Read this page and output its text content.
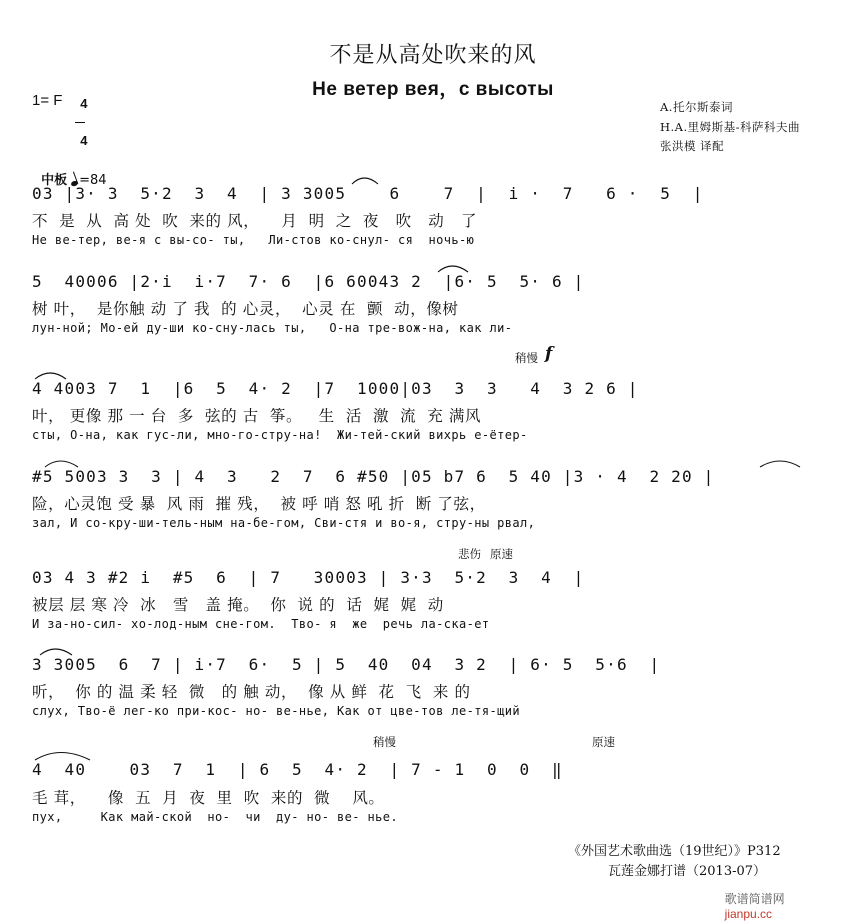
不是从高处吹来的风
Не ветер вея，с высоты
1= F	4

4

A.托尔斯泰词
H.A.里姆斯基-科萨科夫曲
张洪模 译配

中板 =84

03 |3· 3  5·2  3  4  | 3 3005    6    7  |  i ·  7   6 ·  5  |
不  是  从  高 处  吹  来的 风，    月  明  之  夜   吹   动   了
Не ве-тер, ве-я с вы-со- ты,   Ли-стов ко-снул- ся  ночь-ю
5  40006 |2·i  i·7  7· 6  |6 60043 2  |6· 5  5· 6 |
树 叶，  是你触 动 了 我  的 心灵，  心灵 在  颤  动，像树
лун-ной; Мо-ей ду-ши ко-сну-лась ты,   О-на тре-вож-на, как ли-
稍慢 f
4 4003 7  1  |6  5  4· 2  |7  1000|03  3  3   4  3 2 6 |
叶， 更像 那 一 台  多  弦的 古  筝。   生  活  激  流  充 满风
сты, О-на, как гус-ли, мно-го-стру-на!  Жи-тей-ский вихрь е-ётер-
#5 5003 3  3 | 4  3   2  7  6 #50 |05 b7 6  5 40 |3 · 4  2 20 |
险，心灵饱 受 暴  风 雨  摧 残，  被 呼 哨 怒 吼 折  断 了弦，
зал, И со-кру-ши-тель-ным на-бе-гом, Сви-стя и во-я, стру-ны рвал,
悲伤 原速
03 4 3 #2 i  #5  6  | 7   30003 | 3·3  5·2  3  4  |
被层 层 寒 冷  冰   雪   盖 掩。  你  说 的  话  娓  娓  动
И за-но-сил- хо-лод-ным сне-гом.  Тво- я  же  речь ла-ска-ет
3 3005  6  7 | i·7  6·  5 | 5  40  04  3 2  | 6· 5  5·6  |
听，  你 的 温 柔 轻  微   的 触 动，  像 从 鲜  花  飞  来 的
слух, Тво-ё лег-ко при-кос- но- ве-нье, Как от цве-тов ле-тя-щий
稍慢	原速
4  40    03  7  1  | 6  5  4· 2  | 7 - 1  0  0  ‖
毛 茸，    像  五  月  夜  里  吹  来的  微    风。
пух,     Как май-ской  но-  чи  ду- но- ве- нье.
《外国艺术歌曲选（19世纪）》P312
瓦莲金娜打谱（2013-07）

歌谱简谱网
jianpu.cc
